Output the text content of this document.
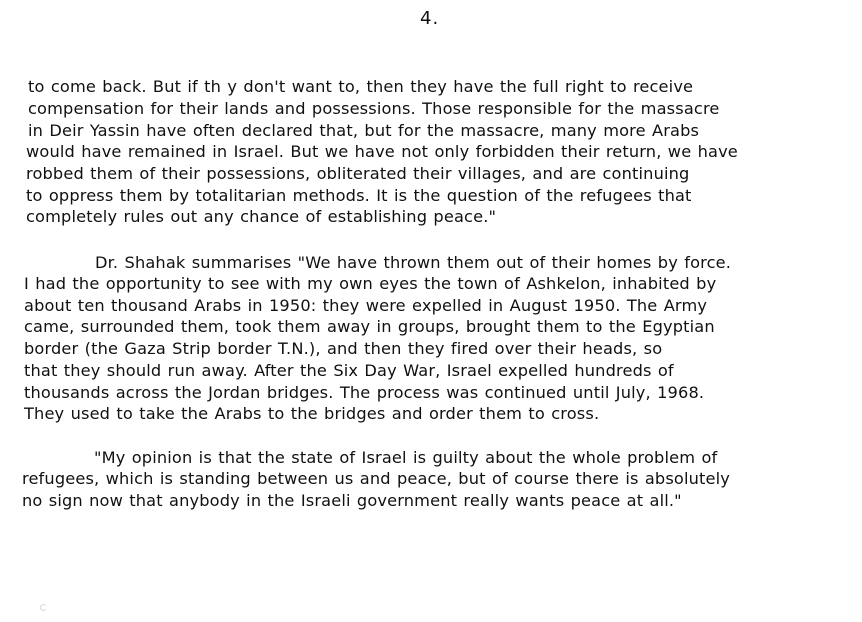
4.
to come back. But if th y don't want to, then they have the full right to receive
compensation for their lands and possessions. Those responsible for the massacre
in Deir Yassin have often declared that, but for the massacre, many more Arabs
would have remained in Israel. But we have not only forbidden their return, we have
robbed them of their possessions, obliterated their villages, and are continuing
to oppress them by totalitarian methods. It is the question of the refugees that
completely rules out any chance of establishing peace."
Dr. Shahak summarises "We have thrown them out of their homes by force.
I had the opportunity to see with my own eyes the town of Ashkelon, inhabited by
about ten thousand Arabs in 1950: they were expelled in August 1950. The Army
came, surrounded them, took them away in groups, brought them to the Egyptian
border (the Gaza Strip border T.N.), and then they fired over their heads, so
that they should run away. After the Six Day War, Israel expelled hundreds of
thousands across the Jordan bridges. The process was continued until July, 1968.
They used to take the Arabs to the bridges and order them to cross.
"My opinion is that the state of Israel is guilty about the whole problem of
refugees, which is standing between us and peace, but of course there is absolutely
no sign now that anybody in the Israeli government really wants peace at all."
